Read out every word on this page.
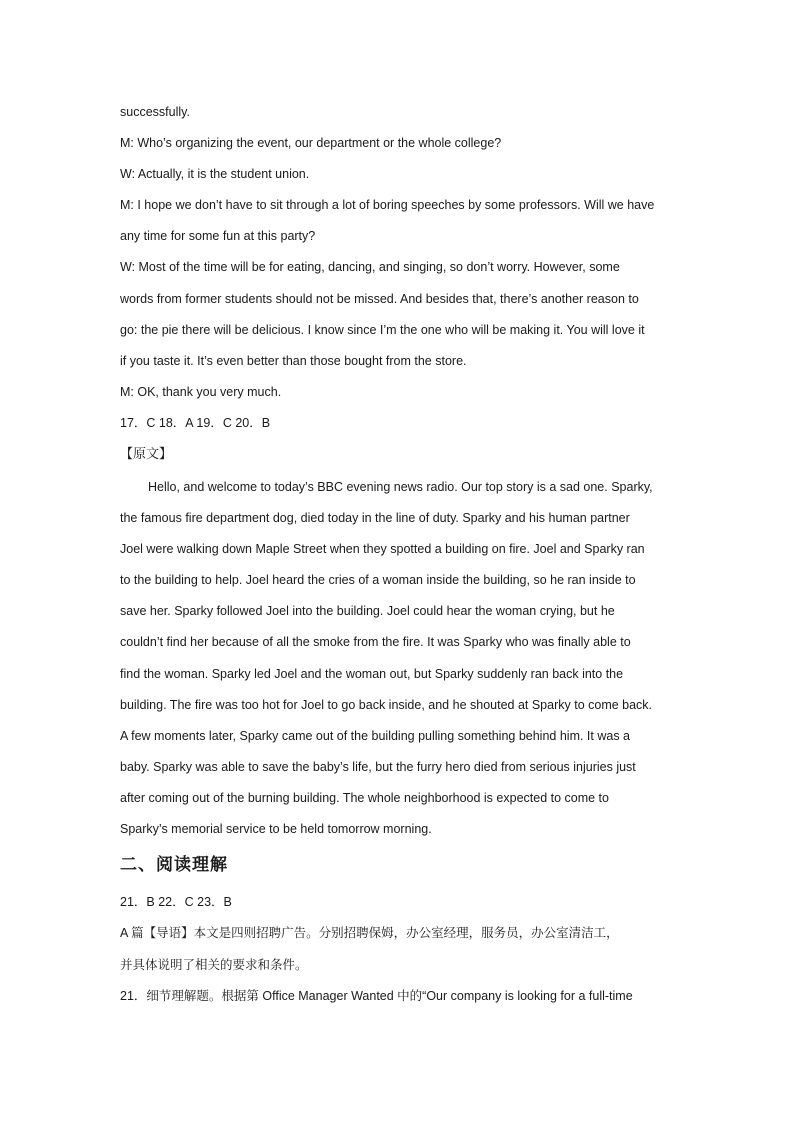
successfully.
M: Who’s organizing the event, our department or the whole college?
W: Actually, it is the student union.
M: I hope we don’t have to sit through a lot of boring speeches by some professors. Will we have
any time for some fun at this party?
W: Most of the time will be for eating, dancing, and singing, so don’t worry. However, some
words from former students should not be missed. And besides that, there’s another reason to
go: the pie there will be delicious. I know since I’m the one who will be making it. You will love it
if you taste it. It’s even better than those bought from the store.
M: OK, thank you very much.
17．C 18．A 19．C 20．B
【原文】
Hello, and welcome to today’s BBC evening news radio. Our top story is a sad one. Sparky,
the famous fire department dog, died today in the line of duty. Sparky and his human partner
Joel were walking down Maple Street when they spotted a building on fire. Joel and Sparky ran
to the building to help. Joel heard the cries of a woman inside the building, so he ran inside to
save her. Sparky followed Joel into the building. Joel could hear the woman crying, but he
couldn’t find her because of all the smoke from the fire. It was Sparky who was finally able to
find the woman. Sparky led Joel and the woman out, but Sparky suddenly ran back into the
building. The fire was too hot for Joel to go back inside, and he shouted at Sparky to come back.
A few moments later, Sparky came out of the building pulling something behind him. It was a
baby. Sparky was able to save the baby’s life, but the furry hero died from serious injuries just
after coming out of the burning building. The whole neighborhood is expected to come to
Sparky’s memorial service to be held tomorrow morning.
二、阅读理解
21．B 22．C 23．B
A 篇【导语】本文是四则招聘广告。分别招聘保姆，办公室经理，服务员，办公室清洁工，
并具体说明了相关的要求和条件。
21．细节理解题。根据第 Office Manager Wanted 中的“Our company is looking for a full-time
